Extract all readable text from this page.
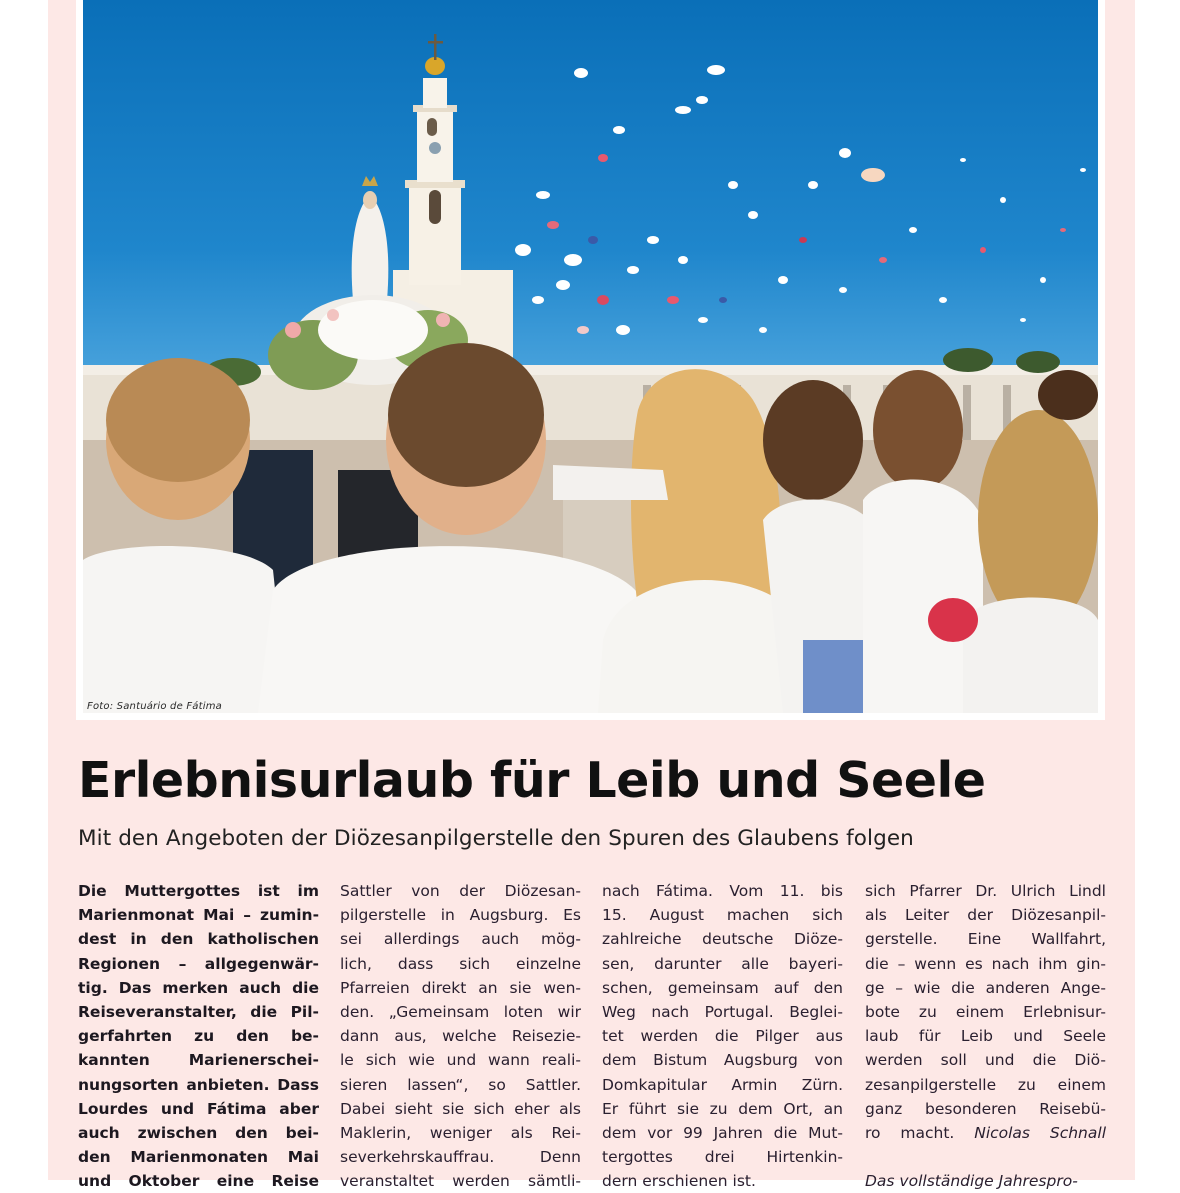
Foto: Santuário de Fátima
Erlebnisurlaub für Leib und Seele
Mit den Angeboten der Diözesanpilgerstelle den Spuren des Glaubens folgen
Die Muttergottes ist im
Marienmonat Mai – zumin-
dest in den katholischen
Regionen – allgegenwär-
tig. Das merken auch die
Reiseveranstalter, die Pil-
gerfahrten zu den be-
kannten Marienerschei-
nungsorten anbieten. Dass
Lourdes und Fátima aber
auch zwischen den bei-
den Marienmonaten Mai
und Oktober eine Reise
Sattler von der Diözesan-
pilgerstelle in Augsburg. Es
sei allerdings auch mög-
lich, dass sich einzelne
Pfarreien direkt an sie wen-
den. „Gemeinsam loten wir
dann aus, welche Reisezie-
le sich wie und wann reali-
sieren lassen“, so Sattler.
Dabei sieht sie sich eher als
Maklerin, weniger als Rei-
severkehrskauffrau. Denn
veranstaltet werden sämtli-
nach Fátima. Vom 11. bis
15. August machen sich
zahlreiche deutsche Diöze-
sen, darunter alle bayeri-
schen, gemeinsam auf den
Weg nach Portugal. Beglei-
tet werden die Pilger aus
dem Bistum Augsburg von
Domkapitular Armin Zürn.
Er führt sie zu dem Ort, an
dem vor 99 Jahren die Mut-
tergottes drei Hirtenkin-
dern erschienen ist.
sich Pfarrer Dr. Ulrich Lindl
als Leiter der Diözesanpil-
gerstelle. Eine Wallfahrt,
die – wenn es nach ihm gin-
ge – wie die anderen Ange-
bote zu einem Erlebnisur-
laub für Leib und Seele
werden soll und die Diö-
zesanpilgerstelle zu einem
ganz besonderen Reisebü-
ro macht. Nicolas Schnall
Das vollständige Jahrespro-
